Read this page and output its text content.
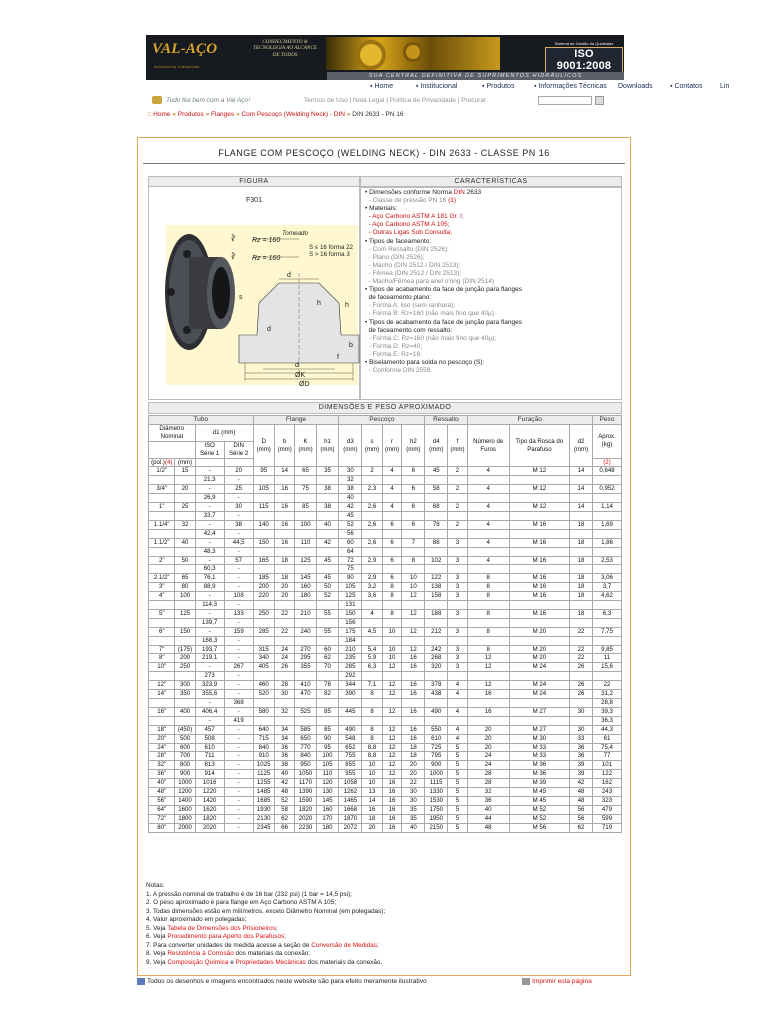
VAL-AÇO
Acessórios Industriais
CONHECIMENTO & TECNOLOGIA AO ALCANCE DE TODOS
Sistema de Gestão da Qualidade
ISO 9001:2008
SUA CENTRAL DEFINITIVA DE SUPRIMENTOS HIDRÁULICOS
▪ Home	▪ Institucional	▪ Produtos	▪ Informações Técnicas Downloads ▪ Contatos	Lin
Tudo flui bem com a Val Aço!	Termos de Uso | Nota Legal | Política de Privacidade | Procurar:
:: Home » Produtos » Flanges » Com Pescoço (Welding Neck) - DIN » DIN 2633 - PN 16
FLANGE COM PESCOÇO (WELDING NECK) - DIN 2633 - CLASSE PN 16
FIGURA	CARACTERÍSTICAS
F301
d
d
ØK
ØD
h
b
s
r
d
h
f
∛
∛
Torneado
Rz = 160
Rz = 160
S ≤ 16 forma 22
S > 16 forma 3
• Dimensões conforme Norma DIN 2633
- Classe de pressão PN 16 (1)
• Materiais:
- Aço Carbono ASTM A 181 Gr. I;
- Aço Carbono ASTM A 105;
- Outras Ligas Sob Consulta;
• Tipos de faceamento:
- Com Ressalto (DIN 2526);
- Plano (DIN 2526);
- Macho (DIN 2512 / DIN 2513);
- Fêmea (DIN 2512 / DIN 2513);
- Macho/Fêmea para anel o'ring (DIN 2514)
• Tipos de acabamento da face de junção para flanges
de faceamento plano:
- Forma A: liso (sem ranhura);
- Forma B: Rz=160 (não mais fino que 40µ).
• Tipos de acabamento da face de junção para flanges
de faceamento com ressalto:
- Forma C: Rz=160 (não mais fino que 40µ);
- Forma D: Rz=40;
- Forma E: Rz=16.
• Biselamento para solda no pescoço (S):
- Conforme DIN 2559.
DIMENSÕES E PESO APROXIMADO
Tubo				Flange				Pescoço				Ressalto		Furação			Peso
Diâmetro Nominal		d1 (mm)		D (mm)	b (mm)	K (mm)	h1 (mm)	d3 (mm)	s (mm)	r (mm)	h2 (mm)	d4 (mm)	f (mm)	Número de Furos	Tipo da Rosca do Parafuso	d2 (mm)	Aprox. (kg)
		ISO Série 1	DIN Série 2														
(pol.)(4)	(mm)																(2)
1/2"	15	-	20	95	14	65	35	30	2	4	6	45	2	4	M 12	14	0,648
		21,3	-					32									
3/4"	20	-	25	105	16	75	38	38	2,3	4	6	58	2	4	M 12	14	0,952
		26,9	-					40									
1"	25	-	30	115	16	85	38	42	2,6	4	6	68	2	4	M 12	14	1,14
		33,7	-					45									
1.1/4"	32	-	38	140	16	100	40	52	2,6	6	6	78	2	4	M 16	18	1,69
		42,4	-					56									
1.1/2"	40	-	44,5	150	16	110	42	60	2,6	6	7	88	3	4	M 16	18	1,86
		48,3	-					64									
2"	50	-	57	165	18	125	45	72	2,9	6	8	102	3	4	M 16	18	2,53
		60,3	-					75									
2.1/2"	65	76,1	-	185	18	145	45	90	2,9	6	10	122	3	8	M 16	18	3,06
3"	80	88,9	-	200	20	160	50	105	3,2	8	10	138	3	8	M 16	18	3,7
4"	100	-	108	220	20	180	52	125	3,6	8	12	158	3	8	M 16	18	4,62
		114,3	-					131									
5"	125	-	133	250	22	210	55	150	4	8	12	188	3	8	M 16	18	6,3
		139,7	-					156									
6"	150	-	159	285	22	240	55	175	4,5	10	12	212	3	8	M 20	22	7,75
		168,3	-					184									
7"	(175)	193,7	-	315	24	270	60	210	5,4	10	12	242	3	8	M 20	22	9,85
8"	200	219,1	-	340	24	295	62	235	5,9	10	16	268	3	12	M 20	22	11
10"	250	-	267	405	26	355	70	285	6,3	12	16	320	3	12	M 24	26	15,6
		273	-					292									
12"	300	323,9	-	460	28	410	78	344	7,1	12	16	378	4	12	M 24	26	22
14"	350	355,6	-	520	30	470	82	390	8	12	16	438	4	16	M 24	26	31,2
		-	368														28,8
16"	400	406,4	-	580	32	525	85	445	8	12	16	490	4	16	M 27	30	39,3
		-	419														36,3
18"	(450)	457	-	640	34	585	85	490	8	12	16	550	4	20	M 27	30	44,3
20"	500	508	-	715	34	650	90	548	8	12	16	610	4	20	M 30	33	61
24"	600	610	-	840	36	770	95	652	8,8	12	18	725	5	20	M 33	36	75,4
28"	700	711	-	910	36	840	100	755	8,8	12	18	795	5	24	M 33	36	77
32"	800	813	-	1025	38	950	105	855	10	12	20	900	5	24	M 36	39	101
36"	900	914	-	1125	40	1050	110	955	10	12	20	1000	5	28	M 36	39	122
40"	1000	1016	-	1255	42	1170	120	1058	10	16	22	1115	5	28	M 39	42	162
48"	1200	1220	-	1485	48	1390	130	1262	13	16	30	1330	5	32	M 45	48	243
56"	1400	1420	-	1685	52	1590	145	1465	14	16	30	1530	5	36	M 45	48	323
64"	1600	1620	-	1930	58	1820	160	1668	16	16	35	1750	5	40	M 52	56	479
72"	1800	1820	-	2130	62	2020	170	1870	18	16	35	1950	5	44	M 52	56	599
80"	2000	2020	-	2345	66	2230	180	2072	20	16	40	2150	5	48	M 56	62	719
Notas:
1. A pressão nominal de trabalho é de 16 bar (232 psi) (1 bar = 14,5 psi);
2. O peso aproximado é para flange em Aço Carbono ASTM A 105;
3. Todas dimensões estão em milímetros, exceto Diâmetro Nominal (em polegadas);
4. Valor aproximado em polegadas;
5. Veja Tabela de Dimensões dos Prisioneiros;
6. Veja Procedimento para Aperto dos Parafusos;
7. Para converter unidades de medida acesse a seção de Conversão de Medidas;
8. Veja Resistência à Corrosão dos materiais da conexão;
9. Veja Composição Química e Propriedades Mecânicas dos materiais da conexão.
Todos os desenhos e imagens encontrados neste website são para efeito meramente ilustrativo	Imprimir esta página
